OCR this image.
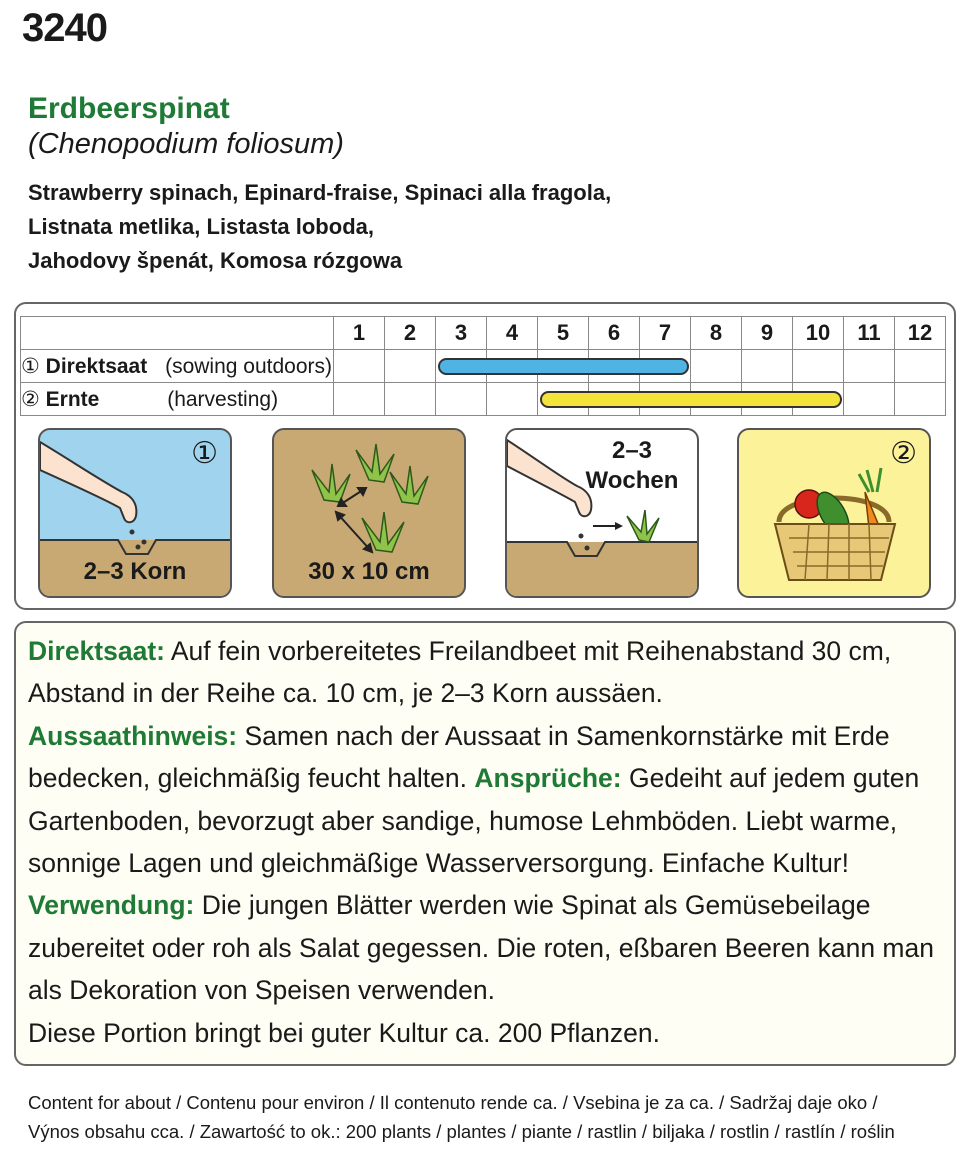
3240
Erdbeerspinat
(Chenopodium foliosum)
Strawberry spinach, Epinard-fraise, Spinaci alla fragola,
Listnata metlika, Listasta loboda,
Jahodovy špenát, Komosa rózgowa
	1	2	3	4	5	6	7	8	9	10	11	12
① Direktsaat (sowing outdoors)												
② Ernte (harvesting)												
①
2–3 Korn	30 x 10 cm
2–3
Wochen
②
Direktsaat: Auf fein vorbereitetes Freilandbeet mit Reihenabstand 30 cm, Abstand in der Reihe ca. 10 cm, je 2–3 Korn aussäen.
Aussaathinweis: Samen nach der Aussaat in Samenkornstärke mit Erde bedecken, gleichmäßig feucht halten. Ansprüche: Gedeiht auf jedem guten Gartenboden, bevorzugt aber sandige, humose Lehmböden. Liebt warme, sonnige Lagen und gleichmäßige Wasserversorgung. Einfache Kultur!
Verwendung: Die jungen Blätter werden wie Spinat als Gemüsebeilage zubereitet oder roh als Salat gegessen. Die roten, eßbaren Beeren kann man als Dekoration von Speisen verwenden.
Diese Portion bringt bei guter Kultur ca. 200 Pflanzen.
Content for about / Contenu pour environ / Il contenuto rende ca. / Vsebina je za ca. / Sadržaj daje oko /
Výnos obsahu cca. / Zawartość to ok.: 200 plants / plantes / piante / rastlin / biljaka / rostlin / rastlín / roślin
